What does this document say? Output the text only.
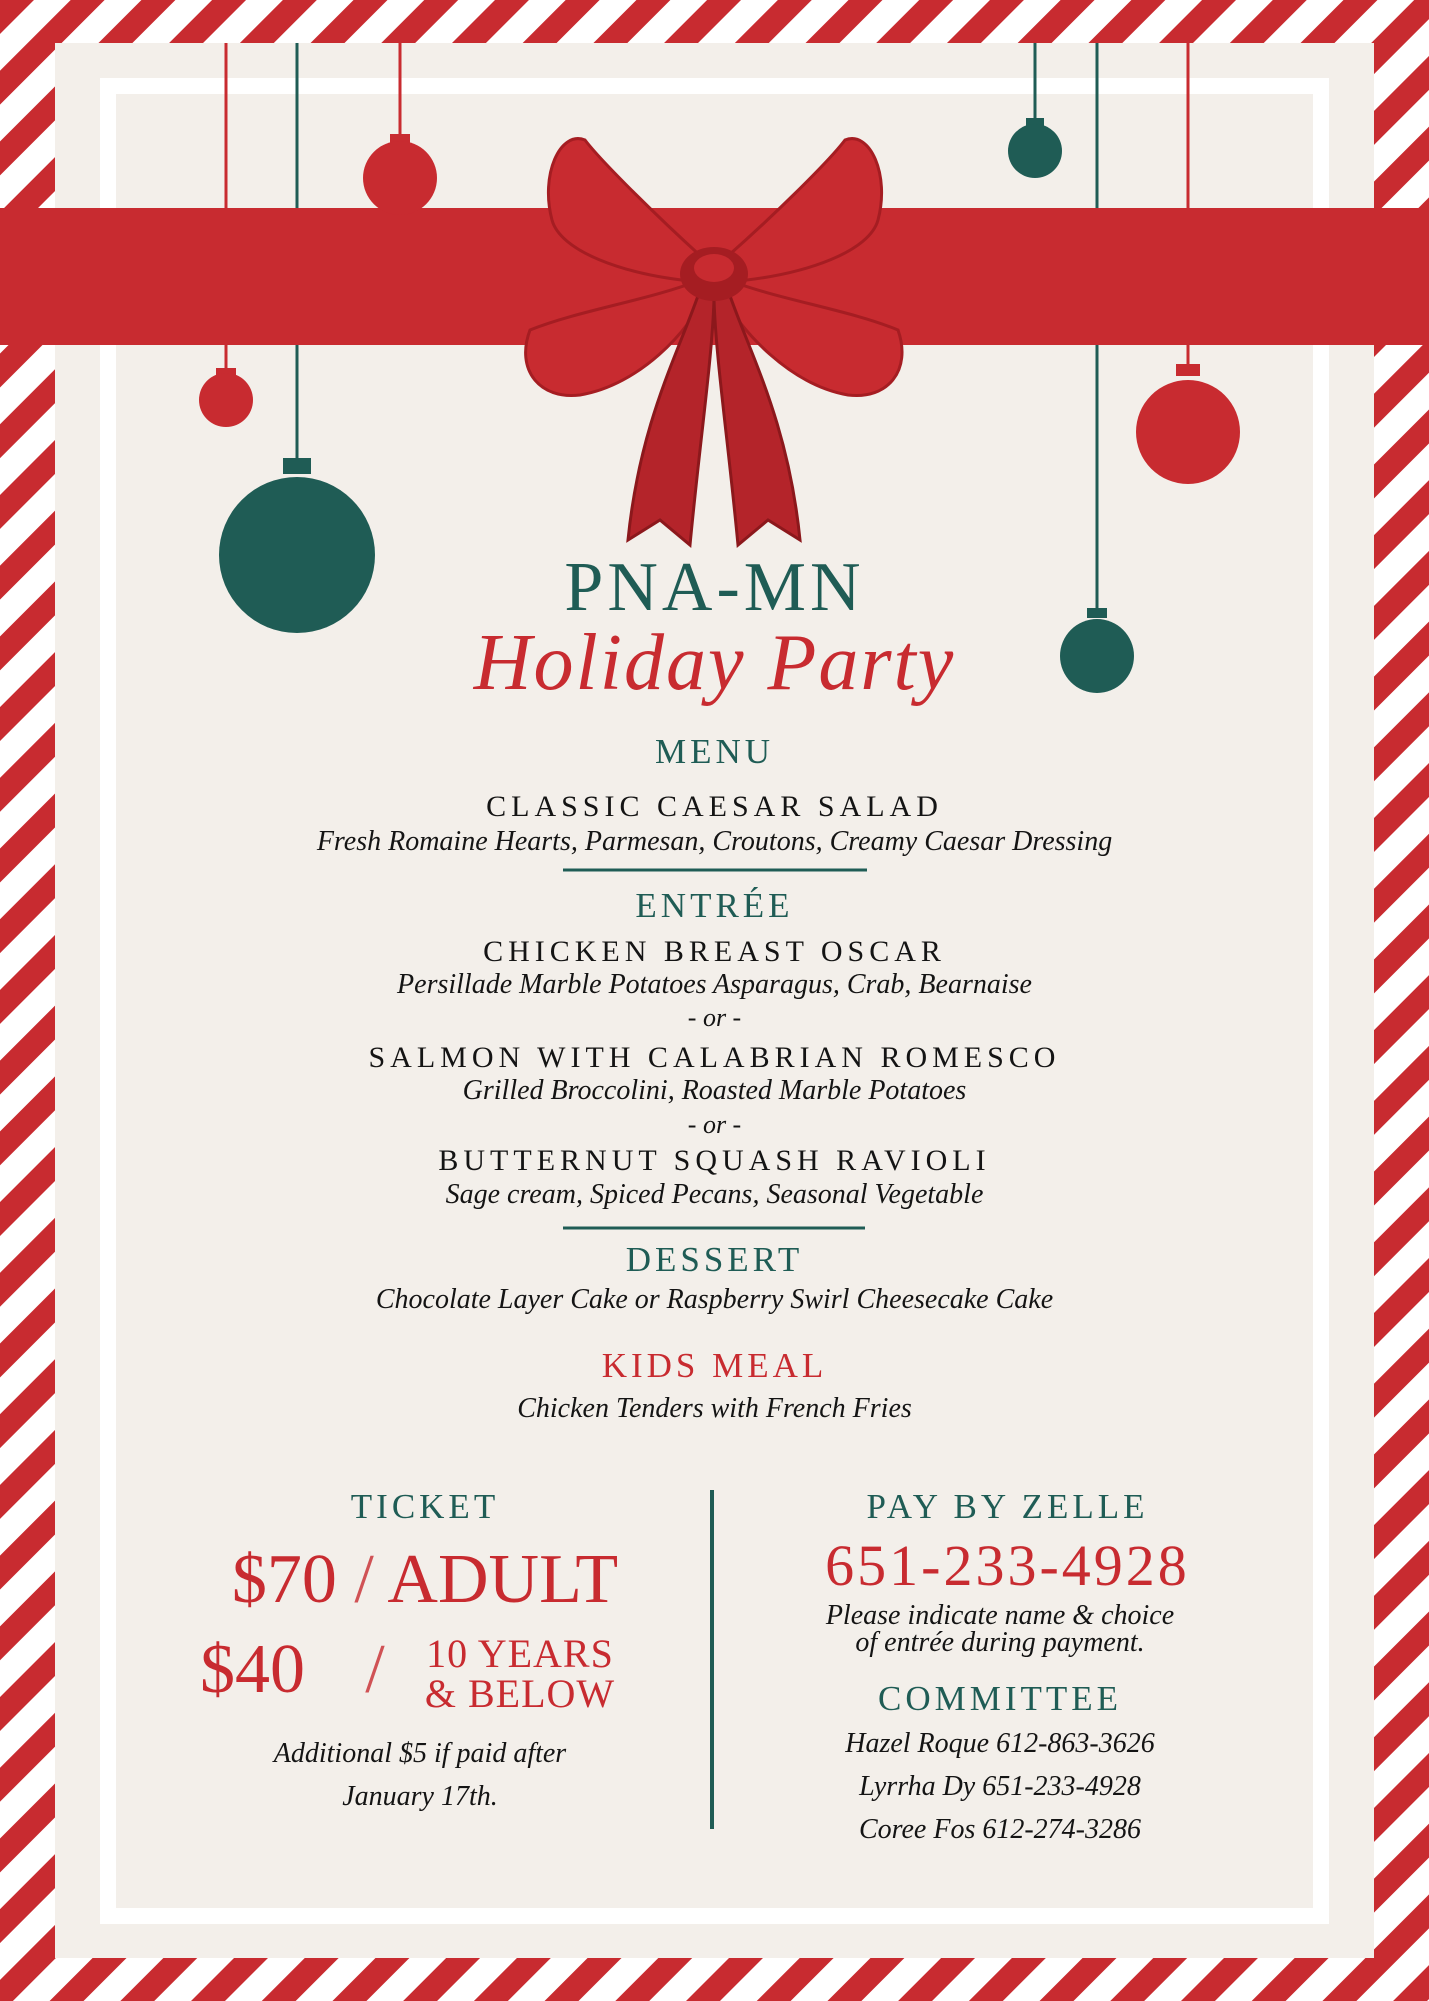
PNA-MN
Holiday Party
MENU
CLASSIC CAESAR SALAD
Fresh Romaine Hearts, Parmesan, Croutons, Creamy Caesar Dressing
ENTRÉE
CHICKEN BREAST OSCAR
Persillade Marble Potatoes Asparagus, Crab, Bearnaise
- or -
SALMON WITH CALABRIAN ROMESCO
Grilled Broccolini, Roasted Marble Potatoes
- or -
BUTTERNUT SQUASH RAVIOLI
Sage cream, Spiced Pecans, Seasonal Vegetable
DESSERT
Chocolate Layer Cake or Raspberry Swirl Cheesecake Cake
KIDS MEAL
Chicken Tenders with French Fries
TICKET
$70 / ADULT
$40 /	10 YEARS
& BELOW
Additional $5 if paid after
January 17th.
PAY BY ZELLE
651-233-4928
Please indicate name & choice
of entrée during payment.
COMMITTEE
Hazel Roque 612-863-3626
Lyrrha Dy 651-233-4928
Coree Fos 612-274-3286
